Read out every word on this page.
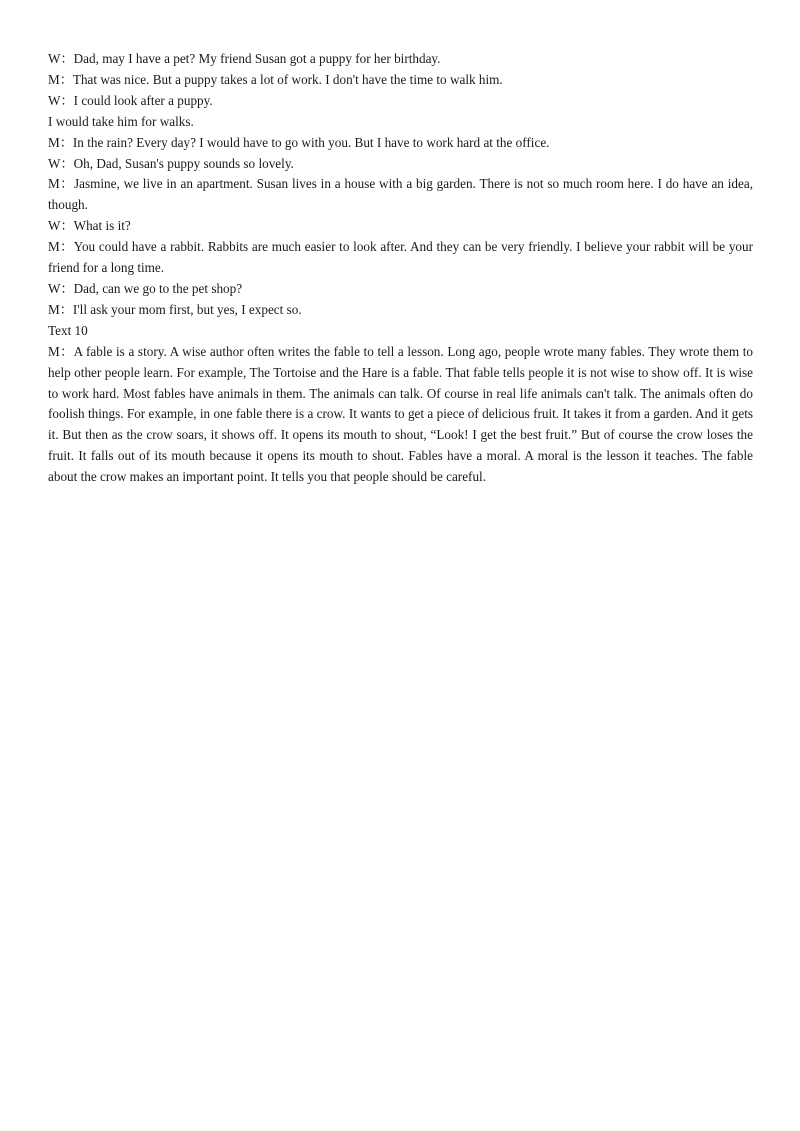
W：Dad, may I have a pet? My friend Susan got a puppy for her birthday.
M：That was nice. But a puppy takes a lot of work. I don't have the time to walk him.
W：I could look after a puppy.
I would take him for walks.
M：In the rain? Every day? I would have to go with you. But I have to work hard at the office.
W：Oh, Dad, Susan's puppy sounds so lovely.
M：Jasmine, we live in an apartment. Susan lives in a house with a big garden. There is not so much room here. I do have an idea, though.
W：What is it?
M：You could have a rabbit. Rabbits are much easier to look after. And they can be very friendly. I believe your rabbit will be your friend for a long time.
W：Dad, can we go to the pet shop?
M：I'll ask your mom first, but yes, I expect so.
Text 10
M：A fable is a story. A wise author often writes the fable to tell a lesson. Long ago, people wrote many fables. They wrote them to help other people learn. For example, The Tortoise and the Hare is a fable. That fable tells people it is not wise to show off. It is wise to work hard. Most fables have animals in them. The animals can talk. Of course in real life animals can't talk. The animals often do foolish things. For example, in one fable there is a crow. It wants to get a piece of delicious fruit. It takes it from a garden. And it gets it. But then as the crow soars, it shows off. It opens its mouth to shout, “Look! I get the best fruit.” But of course the crow loses the fruit. It falls out of its mouth because it opens its mouth to shout. Fables have a moral. A moral is the lesson it teaches. The fable about the crow makes an important point. It tells you that people should be careful.
